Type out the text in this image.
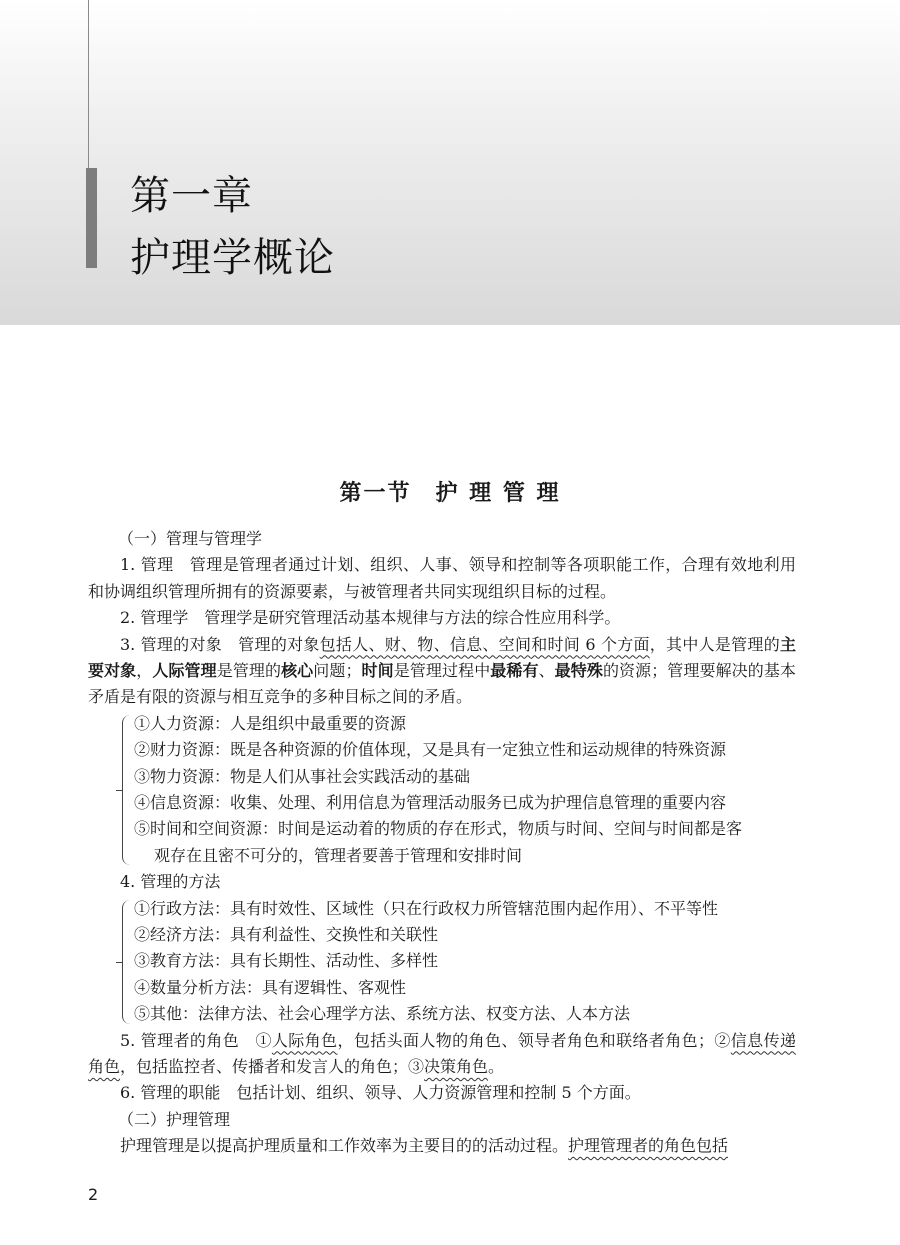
第一章
护理学概论
第一节　护 理 管 理
（一）管理与管理学
1. 管理　管理是管理者通过计划、组织、人事、领导和控制等各项职能工作，合理有效地利用和协调组织管理所拥有的资源要素，与被管理者共同实现组织目标的过程。
2. 管理学　管理学是研究管理活动基本规律与方法的综合性应用科学。
3. 管理的对象　管理的对象包括人、财、物、信息、空间和时间 6 个方面，其中人是管理的主要对象，人际管理是管理的核心问题；时间是管理过程中最稀有、最特殊的资源；管理要解决的基本矛盾是有限的资源与相互竞争的多种目标之间的矛盾。
①人力资源：人是组织中最重要的资源
②财力资源：既是各种资源的价值体现，又是具有一定独立性和运动规律的特殊资源
③物力资源：物是人们从事社会实践活动的基础
④信息资源：收集、处理、利用信息为管理活动服务已成为护理信息管理的重要内容
⑤时间和空间资源：时间是运动着的物质的存在形式，物质与时间、空间与时间都是客
观存在且密不可分的，管理者要善于管理和安排时间
4. 管理的方法
①行政方法：具有时效性、区域性（只在行政权力所管辖范围内起作用）、不平等性
②经济方法：具有利益性、交换性和关联性
③教育方法：具有长期性、活动性、多样性
④数量分析方法：具有逻辑性、客观性
⑤其他：法律方法、社会心理学方法、系统方法、权变方法、人本方法
5. 管理者的角色　①人际角色，包括头面人物的角色、领导者角色和联络者角色；②信息传递角色，包括监控者、传播者和发言人的角色；③决策角色。
6. 管理的职能　包括计划、组织、领导、人力资源管理和控制 5 个方面。
（二）护理管理
护理管理是以提高护理质量和工作效率为主要目的的活动过程。护理管理者的角色包括
2
